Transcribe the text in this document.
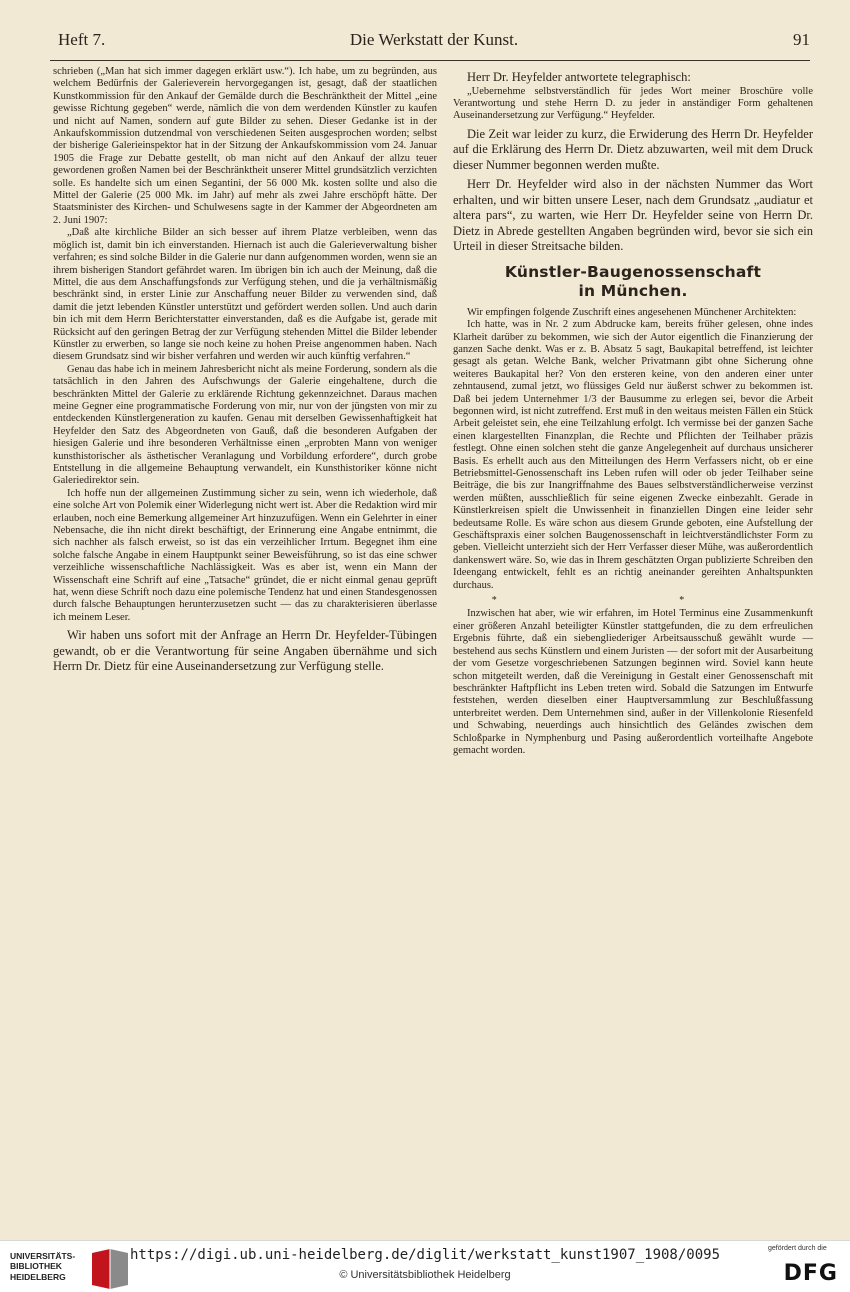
Heft 7.	Die Werkstatt der Kunst.	91

schrieben („Man hat sich immer dagegen erklärt usw.“). Ich habe, um zu begründen, aus welchem Bedürfnis der Galerieverein hervorgegangen ist, gesagt, daß der staatlichen Kunstkommission für den Ankauf der Gemälde durch die Beschränktheit der Mittel „eine gewisse Richtung gegeben“ werde, nämlich die von dem werdenden Künstler zu kaufen und nicht auf Namen, sondern auf gute Bilder zu sehen. Dieser Gedanke ist in der Ankaufskommission dutzendmal von verschiedenen Seiten ausgesprochen worden; selbst der bisherige Galerieinspektor hat in der Sitzung der Ankaufskommission vom 24. Januar 1905 die Frage zur Debatte gestellt, ob man nicht auf den Ankauf der allzu teuer gewordenen großen Namen bei der Beschränktheit unserer Mittel grundsätzlich verzichten solle. Es handelte sich um einen Segantini, der 56 000 Mk. kosten sollte und also die Mittel der Galerie (25 000 Mk. im Jahr) auf mehr als zwei Jahre erschöpft hätte. Der Staatsminister des Kirchen- und Schulwesens sagte in der Kammer der Abgeordneten am 2. Juni 1907:

„Daß alte kirchliche Bilder an sich besser auf ihrem Platze verbleiben, wenn das möglich ist, damit bin ich einverstanden. Hiernach ist auch die Galerieverwaltung bisher verfahren; es sind solche Bilder in die Galerie nur dann aufgenommen worden, wenn sie an ihrem bisherigen Standort gefährdet waren. Im übrigen bin ich auch der Meinung, daß die Mittel, die aus dem Anschaffungsfonds zur Verfügung stehen, und die ja verhältnismäßig beschränkt sind, in erster Linie zur Anschaffung neuer Bilder zu verwenden sind, daß damit die jetzt lebenden Künstler unterstützt und gefördert werden sollen. Und auch darin bin ich mit dem Herrn Berichterstatter einverstanden, daß es die Aufgabe ist, gerade mit Rücksicht auf den geringen Betrag der zur Verfügung stehenden Mittel die Bilder lebender Künstler zu erwerben, so lange sie noch keine zu hohen Preise angenommen haben. Nach diesem Grundsatz sind wir bisher verfahren und werden wir auch künftig verfahren.“

Genau das habe ich in meinem Jahresbericht nicht als meine Forderung, sondern als die tatsächlich in den Jahren des Aufschwungs der Galerie eingehaltene, durch die beschränkten Mittel der Galerie zu erklärende Richtung gekennzeichnet. Daraus machen meine Gegner eine programmatische Forderung von mir, nur von der jüngsten von mir zu entdeckenden Künstlergeneration zu kaufen. Genau mit derselben Gewissenhaftigkeit hat Heyfelder den Satz des Abgeordneten von Gauß, daß die besonderen Aufgaben der hiesigen Galerie und ihre besonderen Verhältnisse einen „erprobten Mann von weniger kunsthistorischer als ästhetischer Veranlagung und Vorbildung erfordere“, durch grobe Entstellung in die allgemeine Behauptung verwandelt, ein Kunsthistoriker könne nicht Galeriedirektor sein.

Ich hoffe nun der allgemeinen Zustimmung sicher zu sein, wenn ich wiederhole, daß eine solche Art von Polemik einer Widerlegung nicht wert ist. Aber die Redaktion wird mir erlauben, noch eine Bemerkung allgemeiner Art hinzuzufügen. Wenn ein Gelehrter in einer Nebensache, die ihn nicht direkt beschäftigt, der Erinnerung eine Angabe entnimmt, die sich nachher als falsch erweist, so ist das ein verzeihlicher Irrtum. Begegnet ihm eine solche falsche Angabe in einem Hauptpunkt seiner Beweisführung, so ist das eine schwer verzeihliche wissenschaftliche Nachlässigkeit. Was es aber ist, wenn ein Mann der Wissenschaft eine Schrift auf eine „Tatsache“ gründet, die er nicht einmal genau geprüft hat, wenn diese Schrift noch dazu eine polemische Tendenz hat und einen Standesgenossen durch falsche Behauptungen herunterzusetzen sucht — das zu charakterisieren überlasse ich meinem Leser.

Wir haben uns sofort mit der Anfrage an Herrn Dr. Heyfelder-Tübingen gewandt, ob er die Verantwortung für seine Angaben übernähme und sich Herrn Dr. Dietz für eine Auseinandersetzung zur Verfügung stelle.

Herr Dr. Heyfelder antwortete telegraphisch:

„Uebernehme selbstverständlich für jedes Wort meiner Broschüre volle Verantwortung und stehe Herrn D. zu jeder in anständiger Form gehaltenen Auseinandersetzung zur Verfügung.“ Heyfelder.

Die Zeit war leider zu kurz, die Erwiderung des Herrn Dr. Heyfelder auf die Erklärung des Herrn Dr. Dietz abzuwarten, weil mit dem Druck dieser Nummer begonnen werden mußte.

Herr Dr. Heyfelder wird also in der nächsten Nummer das Wort erhalten, und wir bitten unsere Leser, nach dem Grundsatz „audiatur et altera pars“, zu warten, wie Herr Dr. Heyfelder seine von Herrn Dr. Dietz in Abrede gestellten Angaben begründen wird, bevor sie sich ein Urteil in dieser Streitsache bilden.

Künstler-Baugenossenschaft
in München.

Wir empfingen folgende Zuschrift eines angesehenen Münchener Architekten:

Ich hatte, was in Nr. 2 zum Abdrucke kam, bereits früher gelesen, ohne indes Klarheit darüber zu bekommen, wie sich der Autor eigentlich die Finanzierung der ganzen Sache denkt. Was er z. B. Absatz 5 sagt, Baukapital betreffend, ist leichter gesagt als getan. Welche Bank, welcher Privatmann gibt ohne Sicherung ohne weiteres Baukapital her? Von den ersteren keine, von den anderen einer unter zehntausend, zumal jetzt, wo flüssiges Geld nur äußerst schwer zu bekommen ist. Daß bei jedem Unternehmer 1/3 der Bausumme zu erlegen sei, bevor die Arbeit begonnen wird, ist nicht zutreffend. Erst muß in den weitaus meisten Fällen ein Stück Arbeit geleistet sein, ehe eine Teilzahlung erfolgt. Ich vermisse bei der ganzen Sache einen klargestellten Finanzplan, die Rechte und Pflichten der Teilhaber präzis festlegt. Ohne einen solchen steht die ganze Angelegenheit auf durchaus unsicherer Basis. Es erhellt auch aus den Mitteilungen des Herrn Verfassers nicht, ob er eine Betriebsmittel-Genossenschaft ins Leben rufen will oder ob jeder Teilhaber seine Beiträge, die bis zur Inangriffnahme des Baues selbstverständlicherweise verzinst werden müßten, ausschließlich für seine eigenen Zwecke einbezahlt. Gerade in Künstlerkreisen spielt die Unwissenheit in finanziellen Dingen eine leider sehr bedeutsame Rolle. Es wäre schon aus diesem Grunde geboten, eine Aufstellung der Geschäftspraxis einer solchen Baugenossenschaft in leichtverständlichster Form zu geben. Vielleicht unterzieht sich der Herr Verfasser dieser Mühe, was außerordentlich dankenswert wäre. So, wie das in Ihrem geschätzten Organ publizierte Schreiben den Ideengang entwickelt, fehlt es an richtig aneinander gereihten Anhaltspunkten durchaus.

* *

Inzwischen hat aber, wie wir erfahren, im Hotel Terminus eine Zusammenkunft einer größeren Anzahl beteiligter Künstler stattgefunden, die zu dem erfreulichen Ergebnis führte, daß ein siebengliederiger Arbeitsausschuß gewählt wurde — bestehend aus sechs Künstlern und einem Juristen — der sofort mit der Ausarbeitung der vom Gesetze vorgeschriebenen Satzungen beginnen wird. Soviel kann heute schon mitgeteilt werden, daß die Vereinigung in Gestalt einer Genossenschaft mit beschränkter Haftpflicht ins Leben treten wird. Sobald die Satzungen im Entwurfe feststehen, werden dieselben einer Hauptversammlung zur Beschlußfassung unterbreitet werden. Dem Unternehmen sind, außer in der Villenkolonie Riesenfeld und Schwabing, neuerdings auch hinsichtlich des Geländes zwischen dem Schloßparke in Nymphenburg und Pasing außerordentlich vorteilhafte Angebote gemacht worden.

UNIVERSITÄTS-
BIBLIOTHEK
HEIDELBERG
https://digi.ub.uni-heidelberg.de/diglit/werkstatt_kunst1907_1908/0095
© Universitätsbibliothek Heidelberg
gefördert durch die
DFG
